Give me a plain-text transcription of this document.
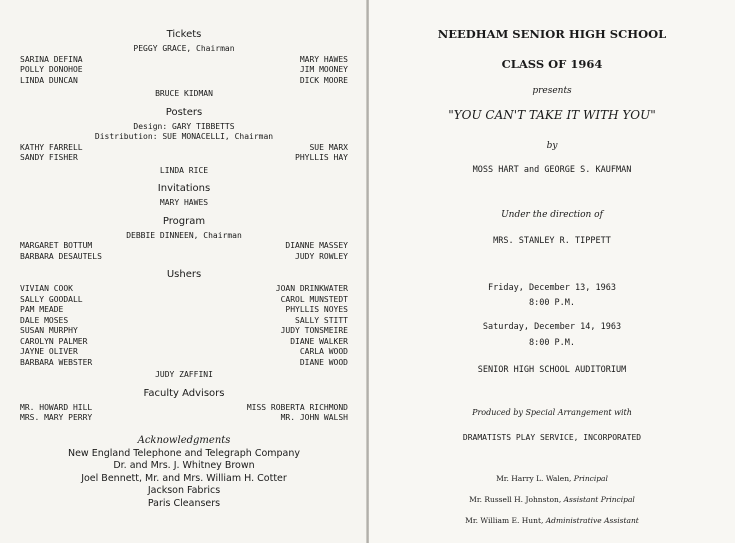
Tickets
PEGGY GRACE, Chairman
SARINA DEFINA	MARY HAWES
POLLY DONOHOE	JIM MOONEY
LINDA DUNCAN	DICK MOORE
BRUCE KIDMAN
Posters
Design: GARY TIBBETTS
Distribution: SUE MONACELLI, Chairman
KATHY FARRELL	SUE MARX
SANDY FISHER	PHYLLIS HAY
LINDA RICE
Invitations
MARY HAWES
Program
DEBBIE DINNEEN, Chairman
MARGARET BOTTUM	DIANNE MASSEY
BARBARA DESAUTELS	JUDY ROWLEY
Ushers
VIVIAN COOK	JOAN DRINKWATER
SALLY GOODALL	CAROL MUNSTEDT
PAM MEADE	PHYLLIS NOYES
DALE MOSES	SALLY STITT
SUSAN MURPHY	JUDY TONSMEIRE
CAROLYN PALMER	DIANE WALKER
JAYNE OLIVER	CARLA WOOD
BARBARA WEBSTER	DIANE WOOD
JUDY ZAFFINI
Faculty Advisors
MR. HOWARD HILL	MISS ROBERTA RICHMOND
MRS. MARY PERRY	MR. JOHN WALSH
Acknowledgments
New England Telephone and Telegraph Company
Dr. and Mrs. J. Whitney Brown
Joel Bennett, Mr. and Mrs. William H. Cotter
Jackson Fabrics
Paris Cleansers
NEEDHAM SENIOR HIGH SCHOOL
CLASS OF 1964
presents
"YOU CAN'T TAKE IT WITH YOU"
by
MOSS HART and GEORGE S. KAUFMAN
Under the direction of
MRS. STANLEY R. TIPPETT
Friday, December 13, 1963
8:00 P.M.
Saturday, December 14, 1963
8:00 P.M.
SENIOR HIGH SCHOOL AUDITORIUM
Produced by Special Arrangement with
DRAMATISTS PLAY SERVICE, INCORPORATED
Mr. Harry L. Walen, Principal
Mr. Russell H. Johnston, Assistant Principal
Mr. William E. Hunt, Administrative Assistant
